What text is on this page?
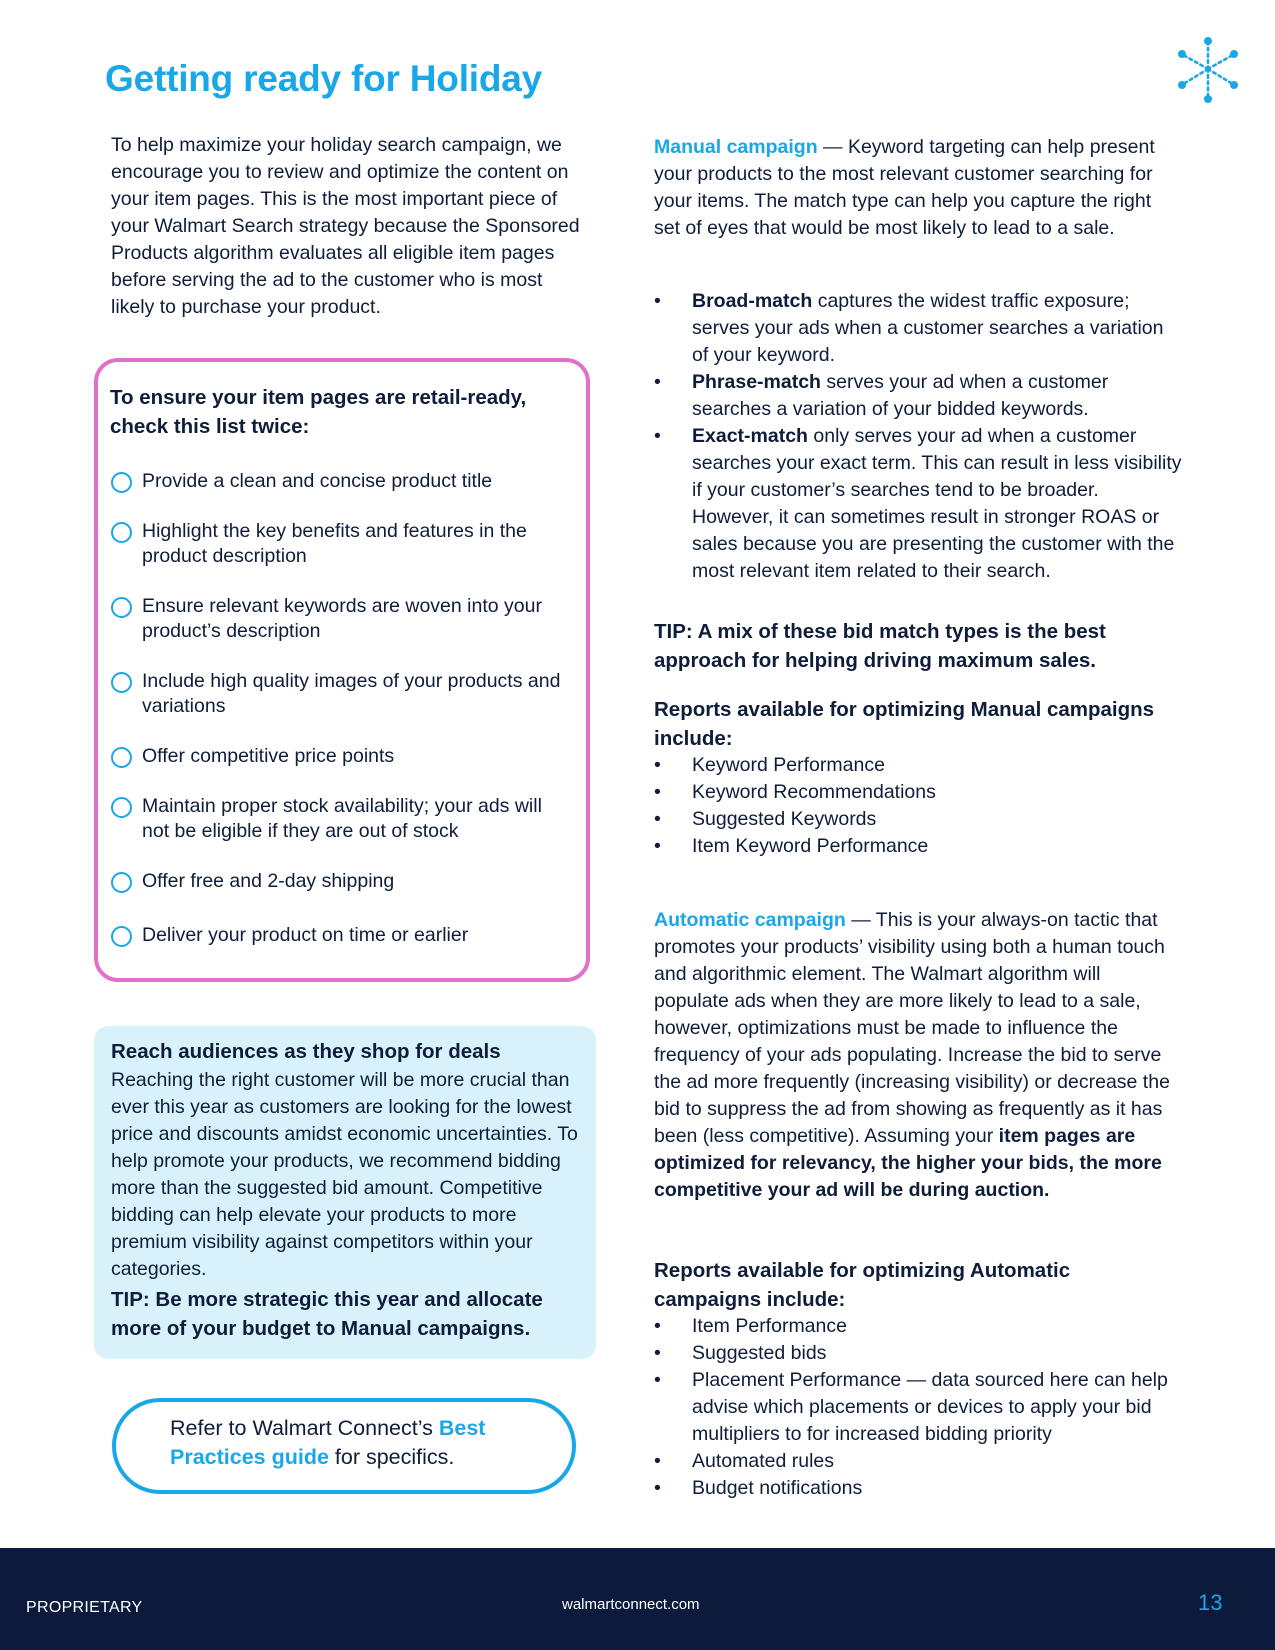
Getting ready for Holiday

To help maximize your holiday search campaign, we encourage you to review and optimize the content on your item pages. This is the most important piece of your Walmart Search strategy because the Sponsored Products algorithm evaluates all eligible item pages before serving the ad to the customer who is most likely to purchase your product.

To ensure your item pages are retail-ready, check this list twice:

Provide a clean and concise product title
Highlight the key benefits and features in the product description
Ensure relevant keywords are woven into your product’s description
Include high quality images of your products and variations
Offer competitive price points
Maintain proper stock availability; your ads will not be eligible if they are out of stock
Offer free and 2-day shipping
Deliver your product on time or earlier
Reach audiences as they shop for deals
Reaching the right customer will be more crucial than ever this year as customers are looking for the lowest price and discounts amidst economic uncertainties. To help promote your products, we recommend bidding more than the suggested bid amount. Competitive bidding can help elevate your products to more premium visibility against competitors within your categories.
TIP: Be more strategic this year and allocate more of your budget to Manual campaigns.
Refer to Walmart Connect’s Best Practices guide for specifics.

Manual campaign — Keyword targeting can help present your products to the most relevant customer searching for your items. The match type can help you capture the right set of eyes that would be most likely to lead to a sale.

• Broad-match captures the widest traffic exposure; serves your ads when a customer searches a variation of your keyword.
• Phrase-match serves your ad when a customer searches a variation of your bidded keywords.
• Exact-match only serves your ad when a customer searches your exact term. This can result in less visibility if your customer’s searches tend to be broader. However, it can sometimes result in stronger ROAS or sales because you are presenting the customer with the most relevant item related to their search.
TIP: A mix of these bid match types is the best approach for helping driving maximum sales.
Reports available for optimizing Manual campaigns include:
• Keyword Performance
• Keyword Recommendations
• Suggested Keywords
• Item Keyword Performance

Automatic campaign — This is your always-on tactic that promotes your products’ visibility using both a human touch and algorithmic element. The Walmart algorithm will populate ads when they are more likely to lead to a sale, however, optimizations must be made to influence the frequency of your ads populating. Increase the bid to serve the ad more frequently (increasing visibility) or decrease the bid to suppress the ad from showing as frequently as it has been (less competitive). Assuming your item pages are optimized for relevancy, the higher your bids, the more competitive your ad will be during auction.

Reports available for optimizing Automatic campaigns include:
• Item Performance
• Suggested bids
• Placement Performance — data sourced here can help advise which placements or devices to apply your bid multipliers to for increased bidding priority
• Automated rules
• Budget notifications
PROPRIETARY	walmartconnect.com	13
